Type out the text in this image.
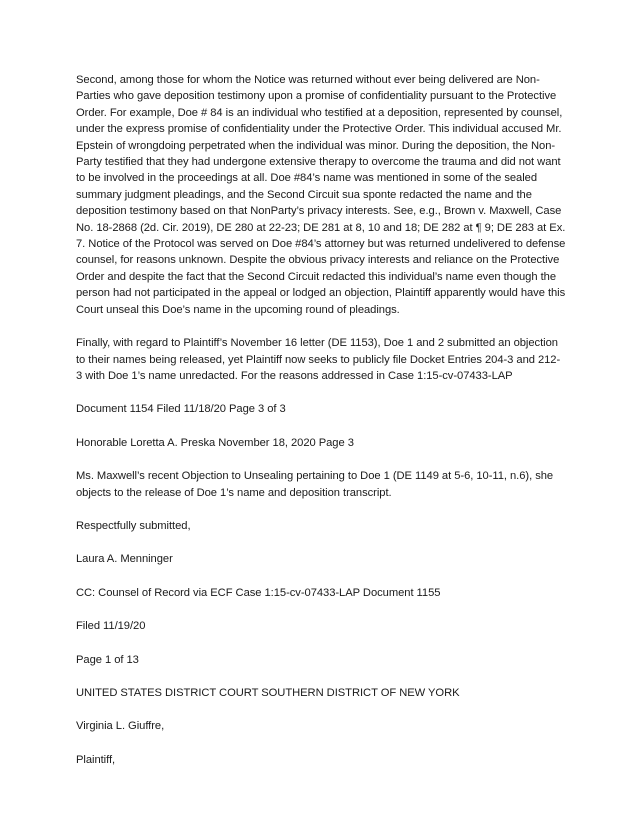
Second, among those for whom the Notice was returned without ever being delivered are Non-Parties who gave deposition testimony upon a promise of confidentiality pursuant to the Protective Order. For example, Doe # 84 is an individual who testified at a deposition, represented by counsel, under the express promise of confidentiality under the Protective Order. This individual accused Mr. Epstein of wrongdoing perpetrated when the individual was minor. During the deposition, the Non-Party testified that they had undergone extensive therapy to overcome the trauma and did not want to be involved in the proceedings at all. Doe #84’s name was mentioned in some of the sealed summary judgment pleadings, and the Second Circuit sua sponte redacted the name and the deposition testimony based on that NonParty’s privacy interests. See, e.g., Brown v. Maxwell, Case No. 18-2868 (2d. Cir. 2019), DE 280 at 22-23; DE 281 at 8, 10 and 18; DE 282 at ¶ 9; DE 283 at Ex. 7. Notice of the Protocol was served on Doe #84’s attorney but was returned undelivered to defense counsel, for reasons unknown. Despite the obvious privacy interests and reliance on the Protective Order and despite the fact that the Second Circuit redacted this individual’s name even though the person had not participated in the appeal or lodged an objection, Plaintiff apparently would have this Court unseal this Doe’s name in the upcoming round of pleadings.

Finally, with regard to Plaintiff’s November 16 letter (DE 1153), Doe 1 and 2 submitted an objection to their names being released, yet Plaintiff now seeks to publicly file Docket Entries 204-3 and 212-3 with Doe 1’s name unredacted. For the reasons addressed in Case 1:15-cv-07433-LAP

Document 1154 Filed 11/18/20 Page 3 of 3

Honorable Loretta A. Preska November 18, 2020 Page 3

Ms. Maxwell’s recent Objection to Unsealing pertaining to Doe 1 (DE 1149 at 5-6, 10-11, n.6), she objects to the release of Doe 1’s name and deposition transcript.

Respectfully submitted,

Laura A. Menninger

CC: Counsel of Record via ECF Case 1:15-cv-07433-LAP Document 1155

Filed 11/19/20

Page 1 of 13

UNITED STATES DISTRICT COURT SOUTHERN DISTRICT OF NEW YORK

Virginia L. Giuffre,

Plaintiff,
